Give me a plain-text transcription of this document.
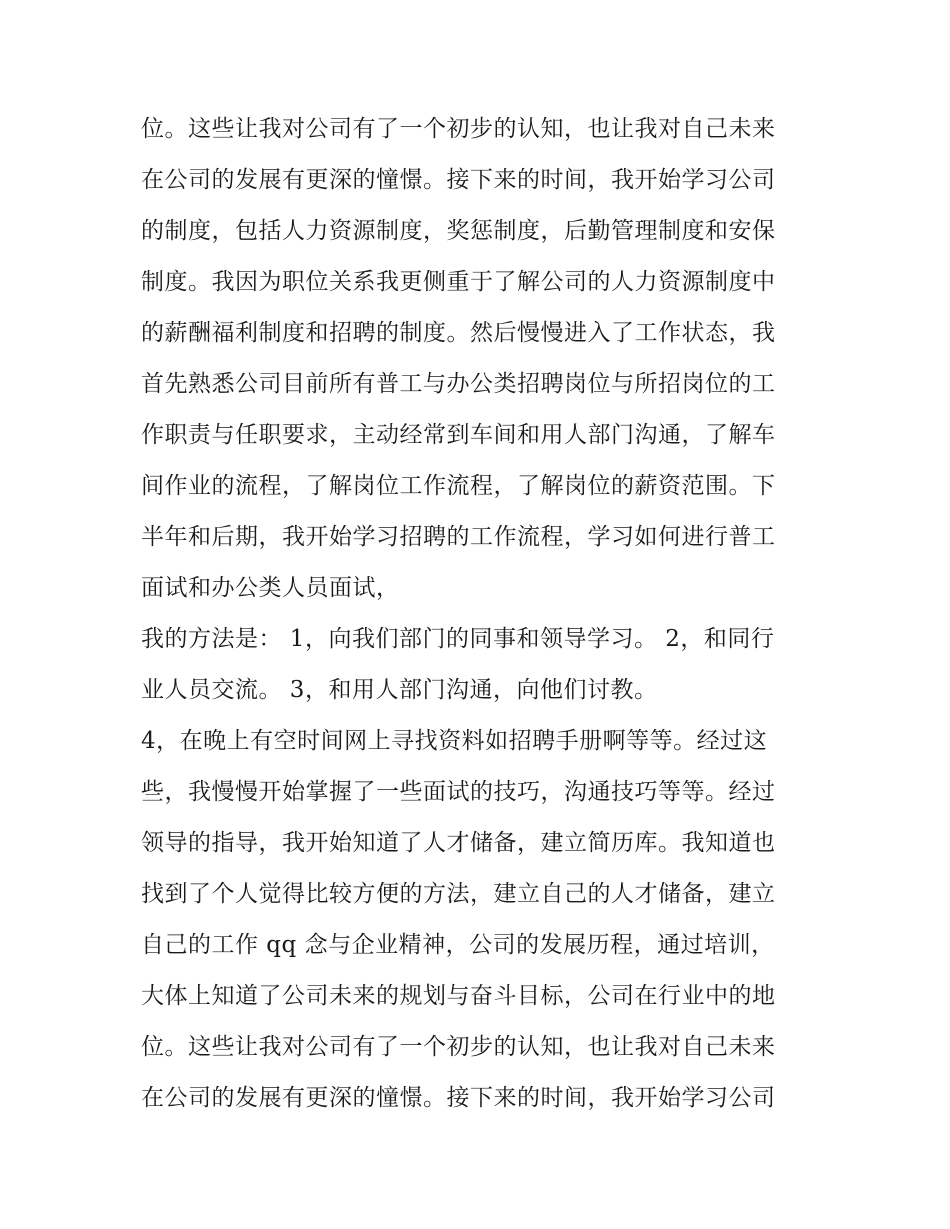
位。这些让我对公司有了一个初步的认知，也让我对自己未来
在公司的发展有更深的憧憬。接下来的时间，我开始学习公司
的制度，包括人力资源制度，奖惩制度，后勤管理制度和安保
制度。我因为职位关系我更侧重于了解公司的人力资源制度中
的薪酬福利制度和招聘的制度。然后慢慢进入了工作状态，我
首先熟悉公司目前所有普工与办公类招聘岗位与所招岗位的工
作职责与任职要求，主动经常到车间和用人部门沟通，了解车
间作业的流程，了解岗位工作流程，了解岗位的薪资范围。下
半年和后期，我开始学习招聘的工作流程，学习如何进行普工
面试和办公类人员面试，
我的方法是： 1，向我们部门的同事和领导学习。 2，和同行
业人员交流。 3，和用人部门沟通，向他们讨教。
4，在晚上有空时间网上寻找资料如招聘手册啊等等。经过这
些，我慢慢开始掌握了一些面试的技巧，沟通技巧等等。经过
领导的指导，我开始知道了人才储备，建立简历库。我知道也
找到了个人觉得比较方便的方法，建立自己的人才储备，建立
自己的工作 qq 念与企业精神，公司的发展历程，通过培训，
大体上知道了公司未来的规划与奋斗目标，公司在行业中的地
位。这些让我对公司有了一个初步的认知，也让我对自己未来
在公司的发展有更深的憧憬。接下来的时间，我开始学习公司
